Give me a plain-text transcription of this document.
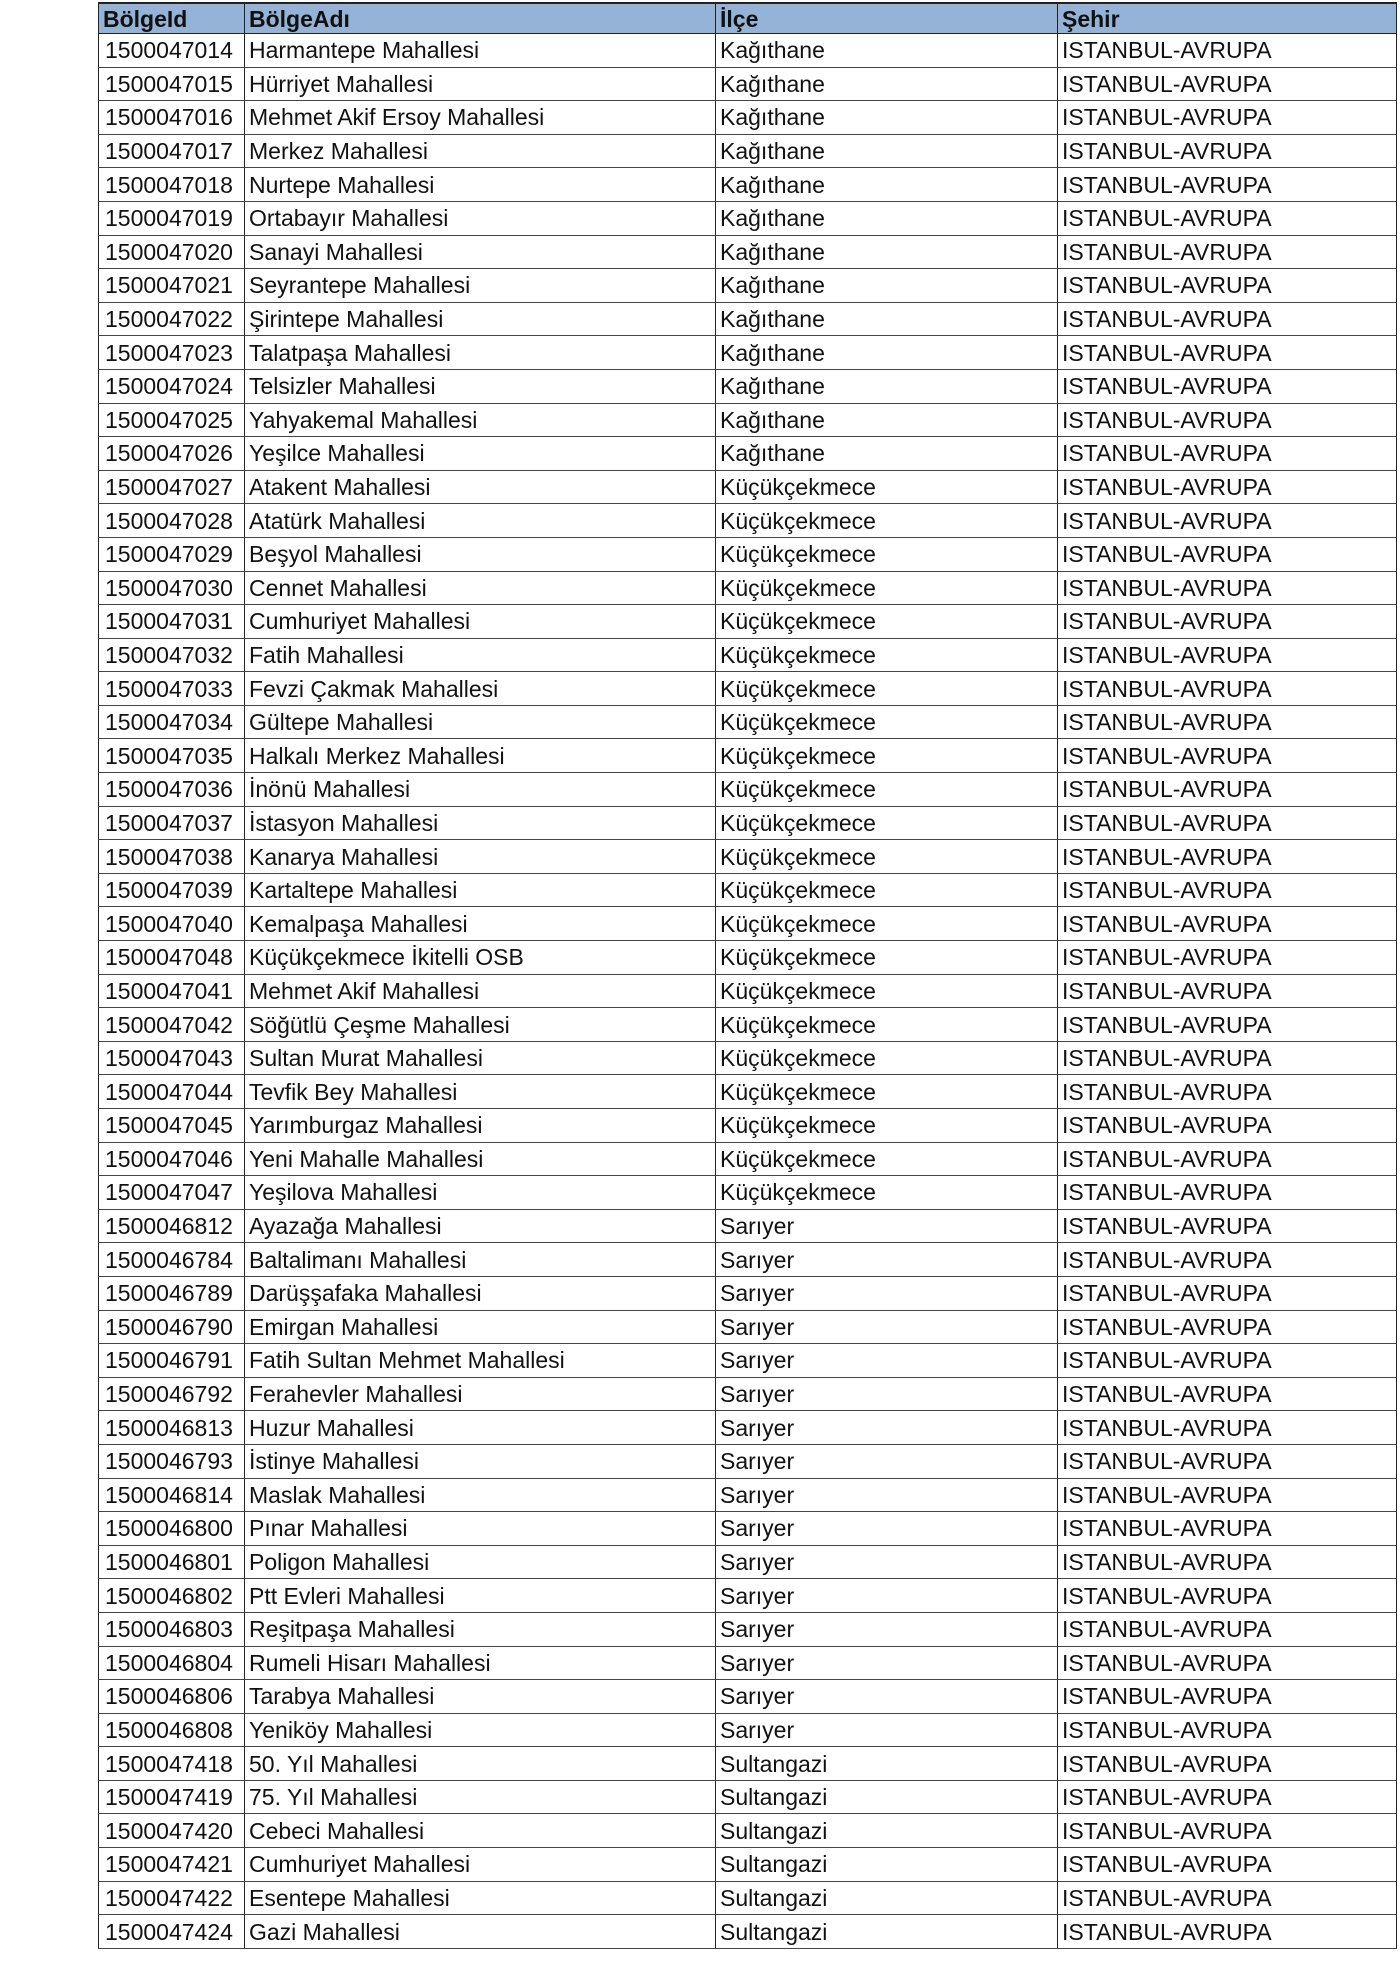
BölgeId	BölgeAdı	İlçe	Şehir
1500047014	Harmantepe Mahallesi	Kağıthane	ISTANBUL-AVRUPA
1500047015	Hürriyet Mahallesi	Kağıthane	ISTANBUL-AVRUPA
1500047016	Mehmet Akif Ersoy Mahallesi	Kağıthane	ISTANBUL-AVRUPA
1500047017	Merkez Mahallesi	Kağıthane	ISTANBUL-AVRUPA
1500047018	Nurtepe Mahallesi	Kağıthane	ISTANBUL-AVRUPA
1500047019	Ortabayır Mahallesi	Kağıthane	ISTANBUL-AVRUPA
1500047020	Sanayi Mahallesi	Kağıthane	ISTANBUL-AVRUPA
1500047021	Seyrantepe Mahallesi	Kağıthane	ISTANBUL-AVRUPA
1500047022	Şirintepe Mahallesi	Kağıthane	ISTANBUL-AVRUPA
1500047023	Talatpaşa Mahallesi	Kağıthane	ISTANBUL-AVRUPA
1500047024	Telsizler Mahallesi	Kağıthane	ISTANBUL-AVRUPA
1500047025	Yahyakemal Mahallesi	Kağıthane	ISTANBUL-AVRUPA
1500047026	Yeşilce Mahallesi	Kağıthane	ISTANBUL-AVRUPA
1500047027	Atakent Mahallesi	Küçükçekmece	ISTANBUL-AVRUPA
1500047028	Atatürk Mahallesi	Küçükçekmece	ISTANBUL-AVRUPA
1500047029	Beşyol Mahallesi	Küçükçekmece	ISTANBUL-AVRUPA
1500047030	Cennet Mahallesi	Küçükçekmece	ISTANBUL-AVRUPA
1500047031	Cumhuriyet Mahallesi	Küçükçekmece	ISTANBUL-AVRUPA
1500047032	Fatih Mahallesi	Küçükçekmece	ISTANBUL-AVRUPA
1500047033	Fevzi Çakmak Mahallesi	Küçükçekmece	ISTANBUL-AVRUPA
1500047034	Gültepe Mahallesi	Küçükçekmece	ISTANBUL-AVRUPA
1500047035	Halkalı Merkez Mahallesi	Küçükçekmece	ISTANBUL-AVRUPA
1500047036	İnönü Mahallesi	Küçükçekmece	ISTANBUL-AVRUPA
1500047037	İstasyon Mahallesi	Küçükçekmece	ISTANBUL-AVRUPA
1500047038	Kanarya Mahallesi	Küçükçekmece	ISTANBUL-AVRUPA
1500047039	Kartaltepe Mahallesi	Küçükçekmece	ISTANBUL-AVRUPA
1500047040	Kemalpaşa Mahallesi	Küçükçekmece	ISTANBUL-AVRUPA
1500047048	Küçükçekmece İkitelli OSB	Küçükçekmece	ISTANBUL-AVRUPA
1500047041	Mehmet Akif Mahallesi	Küçükçekmece	ISTANBUL-AVRUPA
1500047042	Söğütlü Çeşme Mahallesi	Küçükçekmece	ISTANBUL-AVRUPA
1500047043	Sultan Murat Mahallesi	Küçükçekmece	ISTANBUL-AVRUPA
1500047044	Tevfik Bey Mahallesi	Küçükçekmece	ISTANBUL-AVRUPA
1500047045	Yarımburgaz Mahallesi	Küçükçekmece	ISTANBUL-AVRUPA
1500047046	Yeni Mahalle Mahallesi	Küçükçekmece	ISTANBUL-AVRUPA
1500047047	Yeşilova Mahallesi	Küçükçekmece	ISTANBUL-AVRUPA
1500046812	Ayazağa Mahallesi	Sarıyer	ISTANBUL-AVRUPA
1500046784	Baltalimanı Mahallesi	Sarıyer	ISTANBUL-AVRUPA
1500046789	Darüşşafaka Mahallesi	Sarıyer	ISTANBUL-AVRUPA
1500046790	Emirgan Mahallesi	Sarıyer	ISTANBUL-AVRUPA
1500046791	Fatih Sultan Mehmet Mahallesi	Sarıyer	ISTANBUL-AVRUPA
1500046792	Ferahevler Mahallesi	Sarıyer	ISTANBUL-AVRUPA
1500046813	Huzur Mahallesi	Sarıyer	ISTANBUL-AVRUPA
1500046793	İstinye Mahallesi	Sarıyer	ISTANBUL-AVRUPA
1500046814	Maslak Mahallesi	Sarıyer	ISTANBUL-AVRUPA
1500046800	Pınar Mahallesi	Sarıyer	ISTANBUL-AVRUPA
1500046801	Poligon Mahallesi	Sarıyer	ISTANBUL-AVRUPA
1500046802	Ptt Evleri Mahallesi	Sarıyer	ISTANBUL-AVRUPA
1500046803	Reşitpaşa Mahallesi	Sarıyer	ISTANBUL-AVRUPA
1500046804	Rumeli Hisarı Mahallesi	Sarıyer	ISTANBUL-AVRUPA
1500046806	Tarabya Mahallesi	Sarıyer	ISTANBUL-AVRUPA
1500046808	Yeniköy Mahallesi	Sarıyer	ISTANBUL-AVRUPA
1500047418	50. Yıl Mahallesi	Sultangazi	ISTANBUL-AVRUPA
1500047419	75. Yıl Mahallesi	Sultangazi	ISTANBUL-AVRUPA
1500047420	Cebeci Mahallesi	Sultangazi	ISTANBUL-AVRUPA
1500047421	Cumhuriyet Mahallesi	Sultangazi	ISTANBUL-AVRUPA
1500047422	Esentepe Mahallesi	Sultangazi	ISTANBUL-AVRUPA
1500047424	Gazi Mahallesi	Sultangazi	ISTANBUL-AVRUPA
